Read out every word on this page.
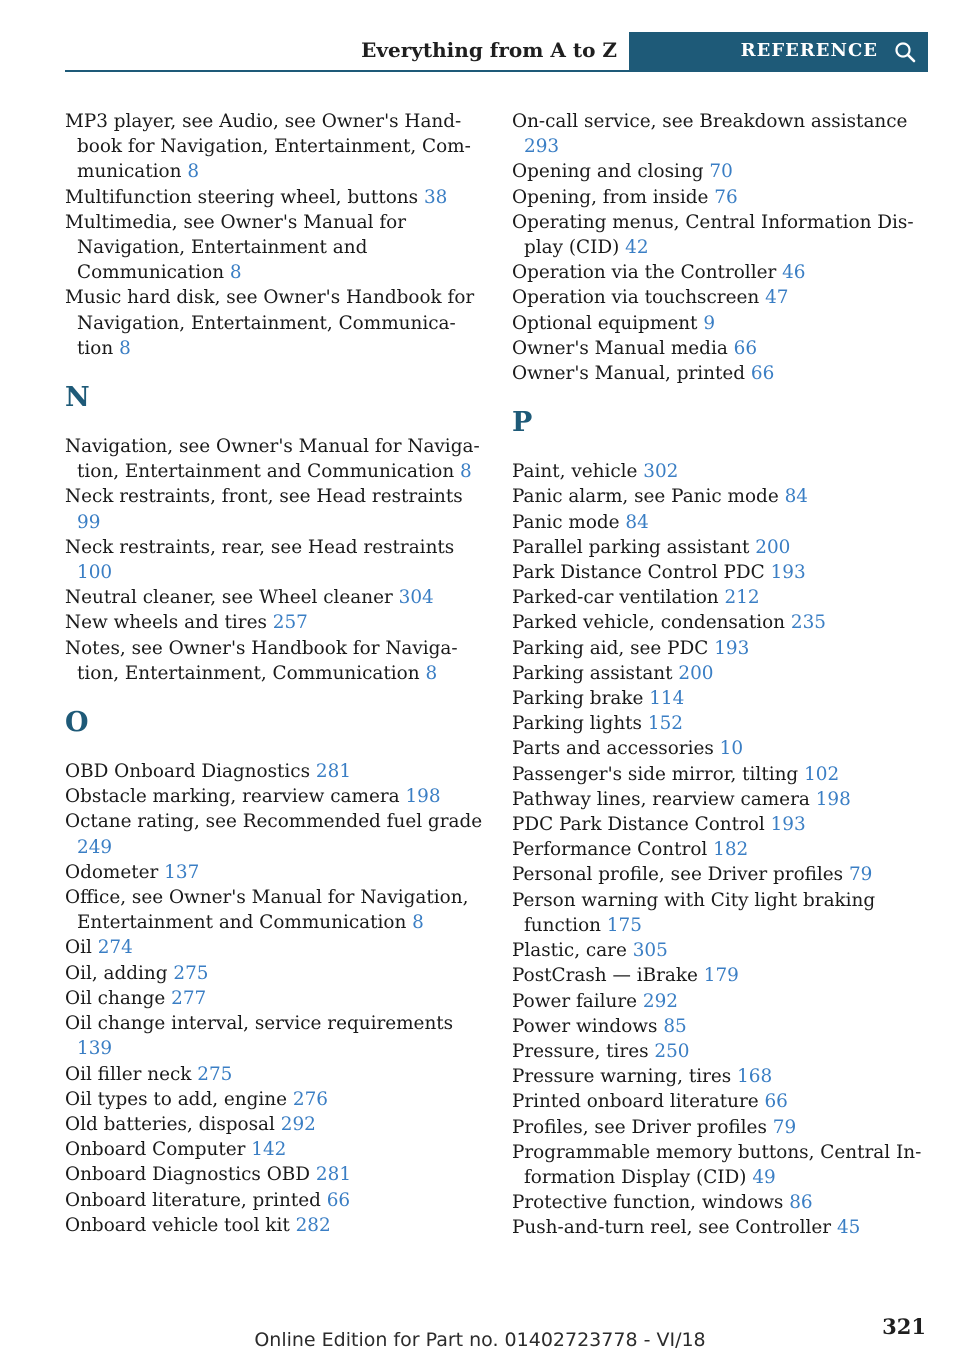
Everything from A to Z	REFERENCE

MP3 player, see Audio, see Owner's Handbook for Navigation, Entertainment, Communication 8

Multifunction steering wheel, buttons 38

Multimedia, see Owner's Manual for Navigation, Entertainment and Communication 8

Music hard disk, see Owner's Handbook for Navigation, Entertainment, Communication 8

N

Navigation, see Owner's Manual for Navigation, Entertainment and Communication 8

Neck restraints, front, see Head restraints 99

Neck restraints, rear, see Head restraints 100

Neutral cleaner, see Wheel cleaner 304

New wheels and tires 257

Notes, see Owner's Handbook for Navigation, Entertainment, Communication 8

O

OBD Onboard Diagnostics 281

Obstacle marking, rearview camera 198

Octane rating, see Recommended fuel grade 249

Odometer 137

Office, see Owner's Manual for Navigation, Entertainment and Communication 8

Oil 274

Oil, adding 275

Oil change 277

Oil change interval, service requirements 139

Oil filler neck 275

Oil types to add, engine 276

Old batteries, disposal 292

Onboard Computer 142

Onboard Diagnostics OBD 281

Onboard literature, printed 66

Onboard vehicle tool kit 282

On-call service, see Breakdown assistance 293

Opening and closing 70

Opening, from inside 76

Operating menus, Central Information Display (CID) 42

Operation via the Controller 46

Operation via touchscreen 47

Optional equipment 9

Owner's Manual media 66

Owner's Manual, printed 66

P

Paint, vehicle 302

Panic alarm, see Panic mode 84

Panic mode 84

Parallel parking assistant 200

Park Distance Control PDC 193

Parked-car ventilation 212

Parked vehicle, condensation 235

Parking aid, see PDC 193

Parking assistant 200

Parking brake 114

Parking lights 152

Parts and accessories 10

Passenger's side mirror, tilting 102

Pathway lines, rearview camera 198

PDC Park Distance Control 193

Performance Control 182

Personal profile, see Driver profiles 79

Person warning with City light braking function 175

Plastic, care 305

PostCrash — iBrake 179

Power failure 292

Power windows 85

Pressure, tires 250

Pressure warning, tires 168

Printed onboard literature 66

Profiles, see Driver profiles 79

Programmable memory buttons, Central Information Display (CID) 49

Protective function, windows 86

Push-and-turn reel, see Controller 45

321
Online Edition for Part no. 01402723778 - VI/18
